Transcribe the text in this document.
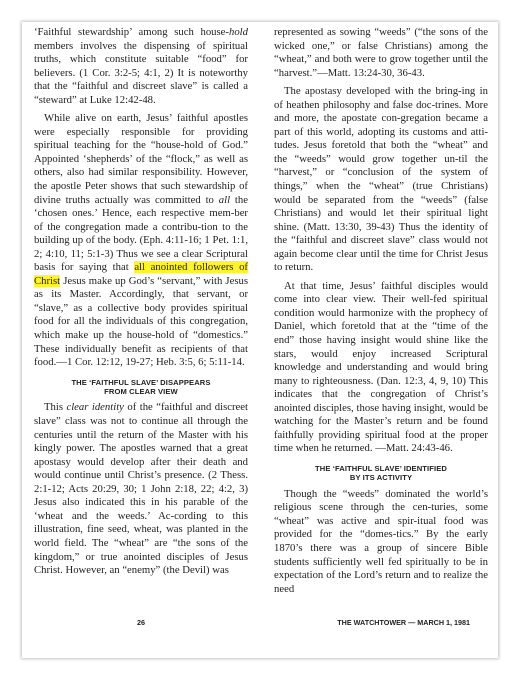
‘Faithful stewardship’ among such house-hold members involves the dispensing of spiritual truths, which constitute suitable “food” for believers. (1 Cor. 3:2-5; 4:1, 2) It is noteworthy that the “faithful and discreet slave” is called a “steward” at Luke 12:42-48.

While alive on earth, Jesus’ faithful apostles were especially responsible for providing spiritual teaching for the “house-hold of God.” Appointed ‘shepherds’ of the “flock,” as well as others, also had similar responsibility. However, the apostle Peter shows that such stewardship of divine truths actually was committed to all the ‘chosen ones.’ Hence, each respective mem-ber of the congregation made a contribu-tion to the building up of the body. (Eph. 4:11-16; 1 Pet. 1:1, 2; 4:10, 11; 5:1-3) Thus we see a clear Scriptural basis for saying that all anointed followers of Christ Jesus make up God’s “servant,” with Jesus as its Master. Accordingly, that servant, or “slave,” as a collective body provides spiritual food for all the individuals of this congregation, which make up the house-hold of “domestics.” These individually benefit as recipients of that food.—1 Cor. 12:12, 19-27; Heb. 3:5, 6; 5:11-14.

THE ‘FAITHFUL SLAVE’ DISAPPEARS
FROM CLEAR VIEW

This clear identity of the “faithful and discreet slave” class was not to continue all through the centuries until the return of the Master with his kingly power. The apostles warned that a great apostasy would develop after their death and would continue until Christ’s presence. (2 Thess. 2:1-12; Acts 20:29, 30; 1 John 2:18, 22; 4:2, 3) Jesus also indicated this in his parable of the ‘wheat and the weeds.’ Ac-cording to this illustration, fine seed, wheat, was planted in the world field. The “wheat” are “the sons of the kingdom,” or true anointed disciples of Jesus Christ. However, an “enemy” (the Devil) was

represented as sowing “weeds” (“the sons of the wicked one,” or false Christians) among the “wheat,” and both were to grow together until the “harvest.”—Matt. 13:24-30, 36-43.

The apostasy developed with the bring-ing in of heathen philosophy and false doc-trines. More and more, the apostate con-gregation became a part of this world, adopting its customs and atti-tudes. Jesus foretold that both the “wheat” and the “weeds” would grow together un-til the “harvest,” or “conclusion of the system of things,” when the “wheat” (true Christians) would be separated from the “weeds” (false Christians) and would let their spiritual light shine. (Matt. 13:30, 39-43) Thus the identity of the “faithful and discreet slave” class would not again become clear until the time for Christ Jesus to return.

At that time, Jesus’ faithful disciples would come into clear view. Their well-fed spiritual condition would harmonize with the prophecy of Daniel, which foretold that at the “time of the end” those having insight would shine like the stars, would enjoy increased Scriptural knowledge and understanding and would bring many to righteousness. (Dan. 12:3, 4, 9, 10) This indicates that the congregation of Christ’s anointed disciples, those having insight, would be watching for the Master’s return and be found faithfully providing spiritual food at the proper time when he returned. —Matt. 24:43-46.

THE ‘FAITHFUL SLAVE’ IDENTIFIED
BY ITS ACTIVITY

Though the “weeds” dominated the world’s religious scene through the cen-turies, some “wheat” was active and spir-itual food was provided for the “domes-tics.” By the early 1870’s there was a group of sincere Bible students sufficiently well fed spiritually to be in expectation of the Lord’s return and to realize the need

26	THE WATCHTOWER — MARCH 1, 1981
